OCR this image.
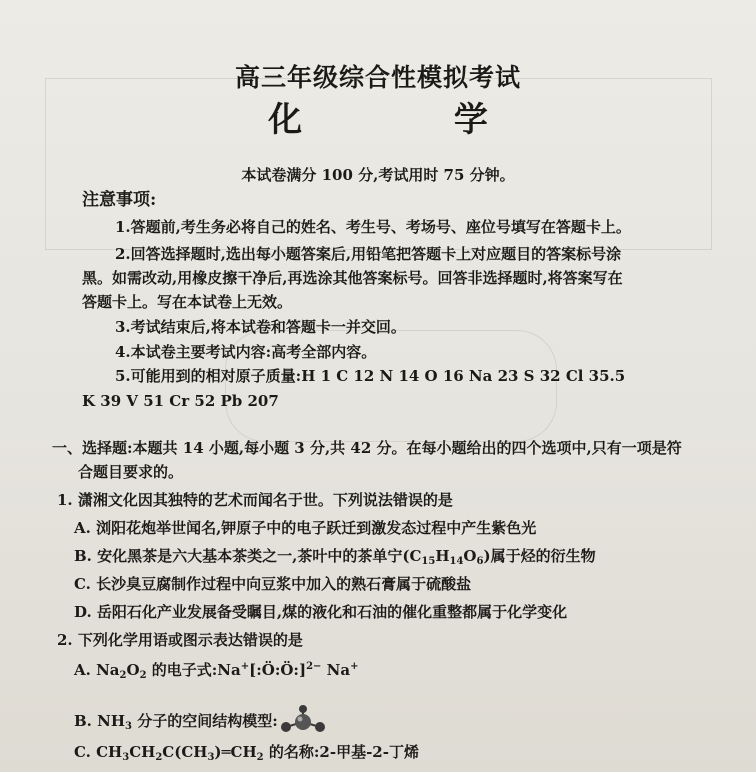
高三年级综合性模拟考试
化 学
本试卷满分 100 分,考试用时 75 分钟。
注意事项:
1.答题前,考生务必将自己的姓名、考生号、考场号、座位号填写在答题卡上。
2.回答选择题时,选出每小题答案后,用铅笔把答题卡上对应题目的答案标号涂
黑。如需改动,用橡皮擦干净后,再选涂其他答案标号。回答非选择题时,将答案写在
答题卡上。写在本试卷上无效。
3.考试结束后,将本试卷和答题卡一并交回。
4.本试卷主要考试内容:高考全部内容。
5.可能用到的相对原子质量:H 1 C 12 N 14 O 16 Na 23 S 32 Cl 35.5
K 39 V 51 Cr 52 Pb 207
一、选择题:本题共 14 小题,每小题 3 分,共 42 分。在每小题给出的四个选项中,只有一项是符
合题目要求的。
1. 潇湘文化因其独特的艺术而闻名于世。下列说法错误的是
A. 浏阳花炮举世闻名,钾原子中的电子跃迁到激发态过程中产生紫色光
B. 安化黑茶是六大基本茶类之一,茶叶中的茶单宁$(C_{15}H_{14}O_6)$属于烃的衍生物
C. 长沙臭豆腐制作过程中向豆浆中加入的熟石膏属于硫酸盐
D. 岳阳石化产业发展备受瞩目,煤的液化和石油的催化重整都属于化学变化
2. 下列化学用语或图示表达错误的是
A. $Na_2O_2$ 的电子式:Na+[:Ö:Ö:]$^{2-}$ Na+
B. $NH_3$ 分子的空间结构模型:
C. $CH_3CH_2C(CH_3)═CH_2$ 的名称:2-甲基-2-丁烯
